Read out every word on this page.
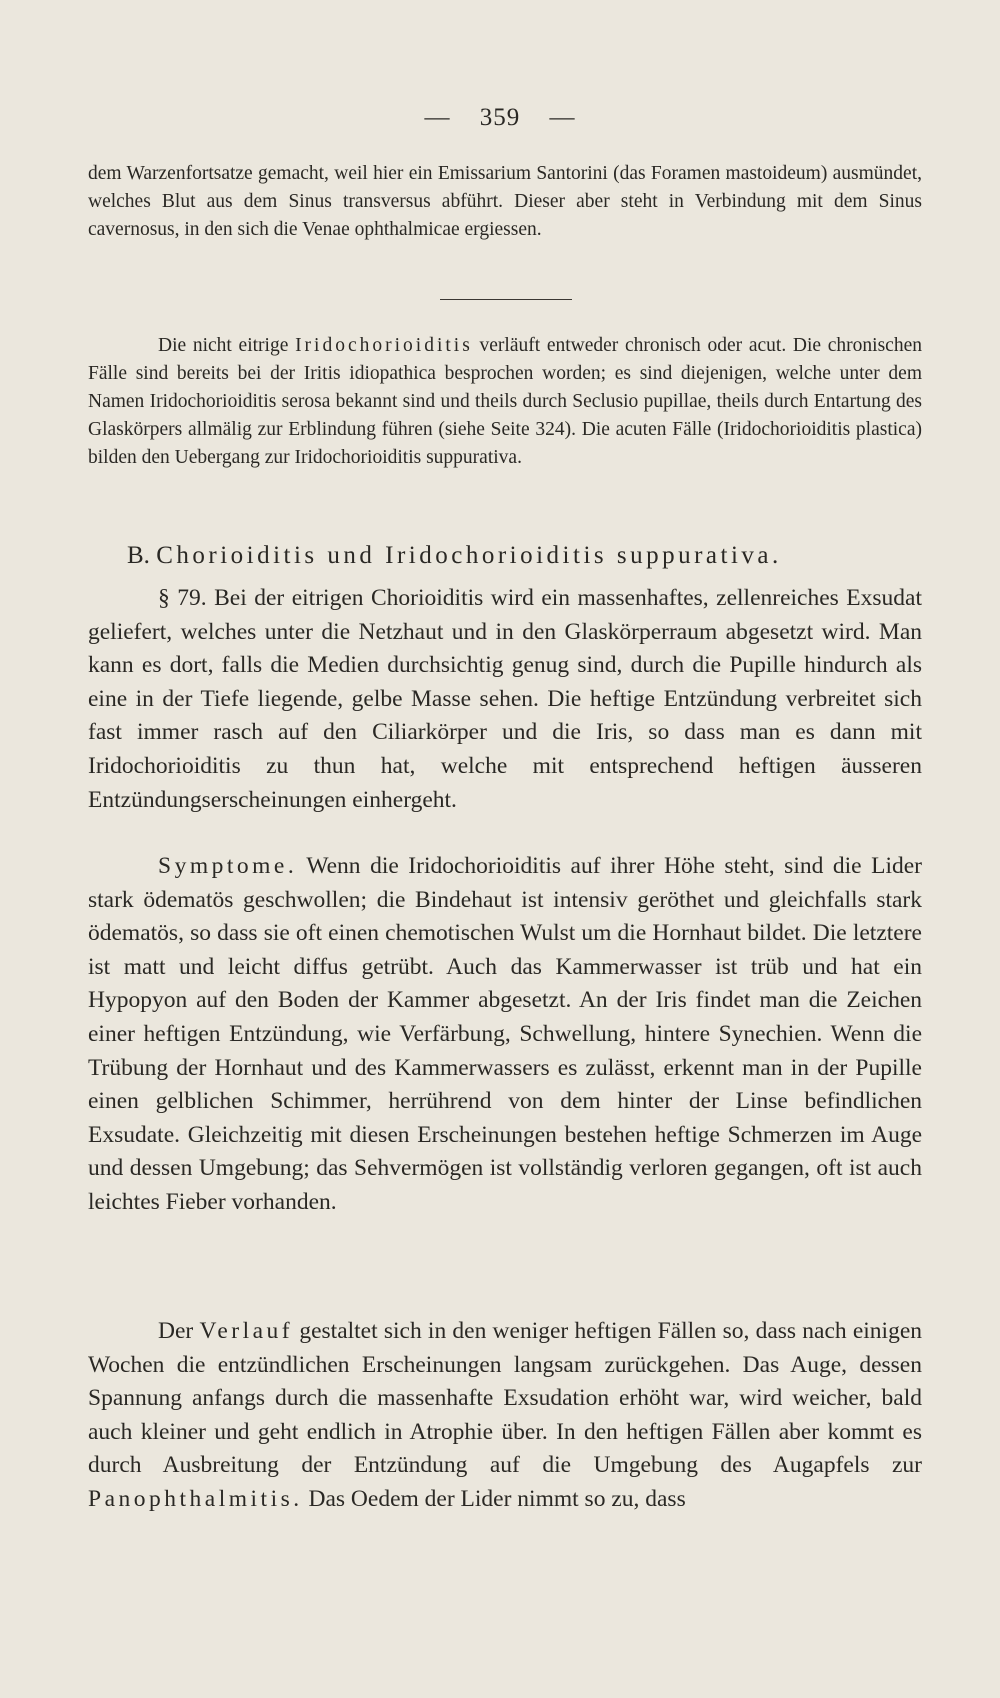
— 359 —

dem Warzenfortsatze gemacht, weil hier ein Emissarium Santorini (das Foramen mastoideum) ausmündet, welches Blut aus dem Sinus transversus abführt. Dieser aber steht in Verbindung mit dem Sinus cavernosus, in den sich die Venae ophthalmicae ergiessen.

Die nicht eitrige Iridochorioiditis verläuft entweder chronisch oder acut. Die chronischen Fälle sind bereits bei der Iritis idiopathica besprochen worden; es sind diejenigen, welche unter dem Namen Iridochorioiditis serosa bekannt sind und theils durch Seclusio pupillae, theils durch Entartung des Glaskörpers allmälig zur Erblindung führen (siehe Seite 324). Die acuten Fälle (Iridochorioiditis plastica) bilden den Uebergang zur Iridochorioiditis suppurativa.

B. Chorioiditis und Iridochorioiditis suppurativa.

§ 79. Bei der eitrigen Chorioiditis wird ein massenhaftes, zellenreiches Exsudat geliefert, welches unter die Netzhaut und in den Glaskörperraum abgesetzt wird. Man kann es dort, falls die Medien durchsichtig genug sind, durch die Pupille hindurch als eine in der Tiefe liegende, gelbe Masse sehen. Die heftige Entzündung verbreitet sich fast immer rasch auf den Ciliarkörper und die Iris, so dass man es dann mit Iridochorioiditis zu thun hat, welche mit entsprechend heftigen äusseren Entzündungserscheinungen einhergeht.

Symptome. Wenn die Iridochorioiditis auf ihrer Höhe steht, sind die Lider stark ödematös geschwollen; die Bindehaut ist intensiv geröthet und gleichfalls stark ödematös, so dass sie oft einen chemotischen Wulst um die Hornhaut bildet. Die letztere ist matt und leicht diffus getrübt. Auch das Kammerwasser ist trüb und hat ein Hypopyon auf den Boden der Kammer abgesetzt. An der Iris findet man die Zeichen einer heftigen Entzündung, wie Verfärbung, Schwellung, hintere Synechien. Wenn die Trübung der Hornhaut und des Kammerwassers es zulässt, erkennt man in der Pupille einen gelblichen Schimmer, herrührend von dem hinter der Linse befindlichen Exsudate. Gleichzeitig mit diesen Erscheinungen bestehen heftige Schmerzen im Auge und dessen Umgebung; das Sehvermögen ist vollständig verloren gegangen, oft ist auch leichtes Fieber vorhanden.

Der Verlauf gestaltet sich in den weniger heftigen Fällen so, dass nach einigen Wochen die entzündlichen Erscheinungen langsam zurückgehen. Das Auge, dessen Spannung anfangs durch die massenhafte Exsudation erhöht war, wird weicher, bald auch kleiner und geht endlich in Atrophie über. In den heftigen Fällen aber kommt es durch Ausbreitung der Entzündung auf die Umgebung des Augapfels zur Panophthalmitis. Das Oedem der Lider nimmt so zu, dass
